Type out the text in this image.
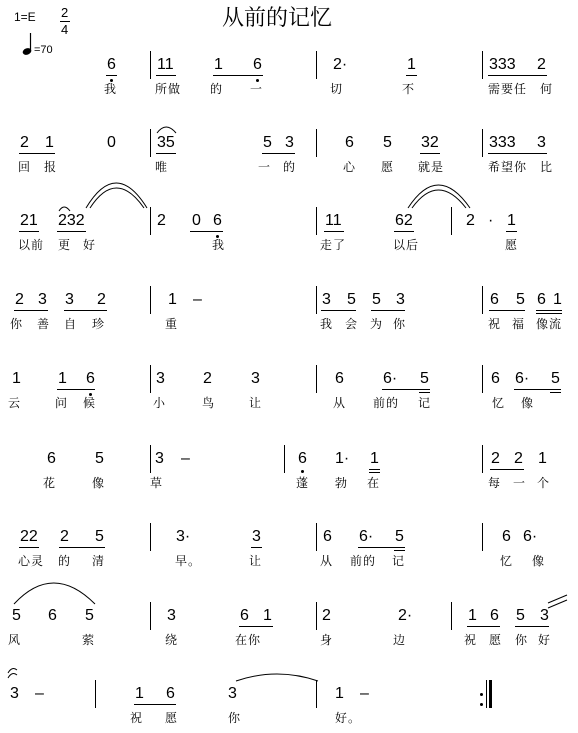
1=E 2
4
=70
从前的记忆
6	11	1 6	2·	1	333 2
我	所做 的 一	切	不	需要任 何
2 1	0	35	5 3	6 5 32	333 3
回 报	唯	一 的	心 愿 就是	希望你 比
21 232	2 0 6	11	62	2 · 1
以前 更 好	我	走了	以后	愿
2 3 3 2	1 –	3 5 5 3	6 5 6 1
你 善 自 珍	重	我 会 为 你	祝 福 像流
1 1 6	3 2 3	6 6· 5	6 6· 5
云	问 候	小	鸟	让	从 前的 记	忆 像
6 5	3 –	6 1· 1	2 2 1
花	像	草	蓬 勃 在	每 一 个
22 2 5	3·	3	6 6· 5	6 6·
心灵 的 清	早。	让	从 前的 记	忆 像
5 6 5	3	6 1	2	2·	1 6 5 3
风	萦	绕	在你	身	边	祝 愿 你 好
3 –	1 6	3	1 –
祝 愿	你	好。
